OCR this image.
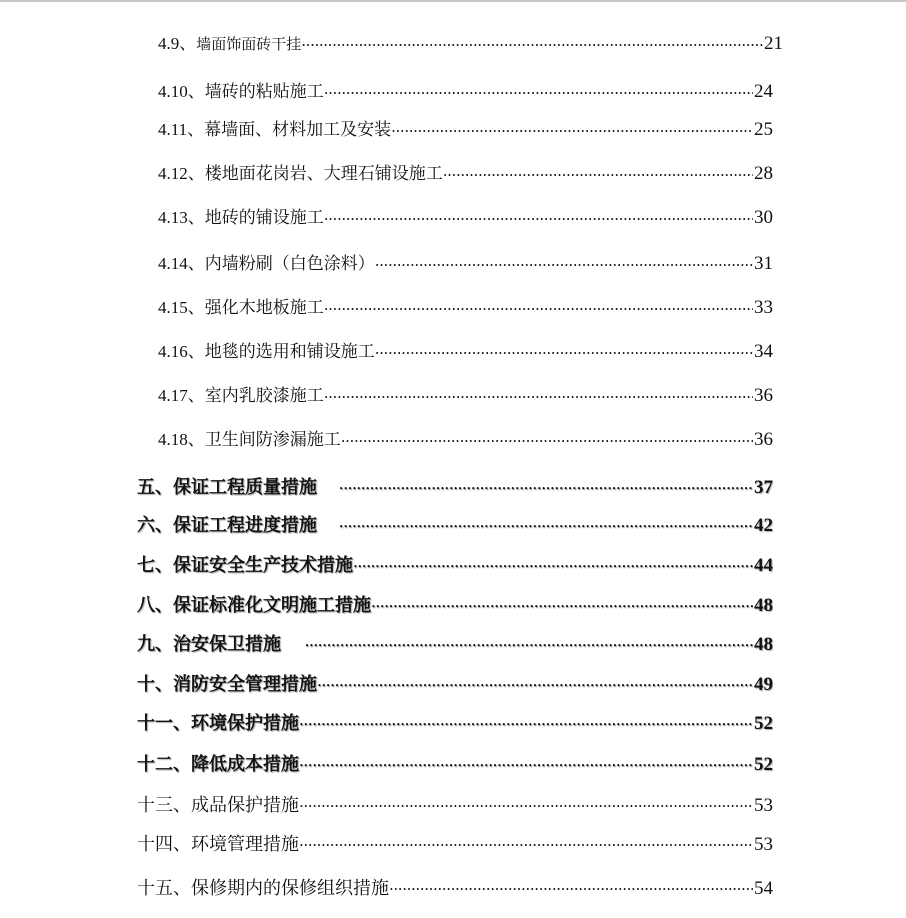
4.9、 墙面饰面砖干挂 •••••	21
4.10、 墙砖的粘贴施工 •••••	24
4.11、 幕墙面、材料加工及安装 •••••	25
4.12、 楼地面花岗岩、大理石铺设施工 •••••	28
4.13、 地砖的铺设施工 •••••	30
4.14、 内墙粉刷（白色涂料） •••••	31
4.15、 强化木地板施工 •••••	33
4.16、 地毯的选用和铺设施工 •••••	34
4.17、 室内乳胶漆施工 •••••	36
4.18、 卫生间防渗漏施工 •••••	36
五、保证工程质量措施 •••••	37
六、保证工程进度措施 •••••	42
七、保证安全生产技术措施 •••••	44
八、保证标准化文明施工措施 •••••	48
九、治安保卫措施 •••••	48
十、消防安全管理措施 •••••	49
十一、环境保护措施 •••••	52
十二、降低成本措施 •••••	52
十三、成品保护措施 •••••	53
十四、环境管理措施 •••••	53
十五、保修期内的保修组织措施 •••••	54
